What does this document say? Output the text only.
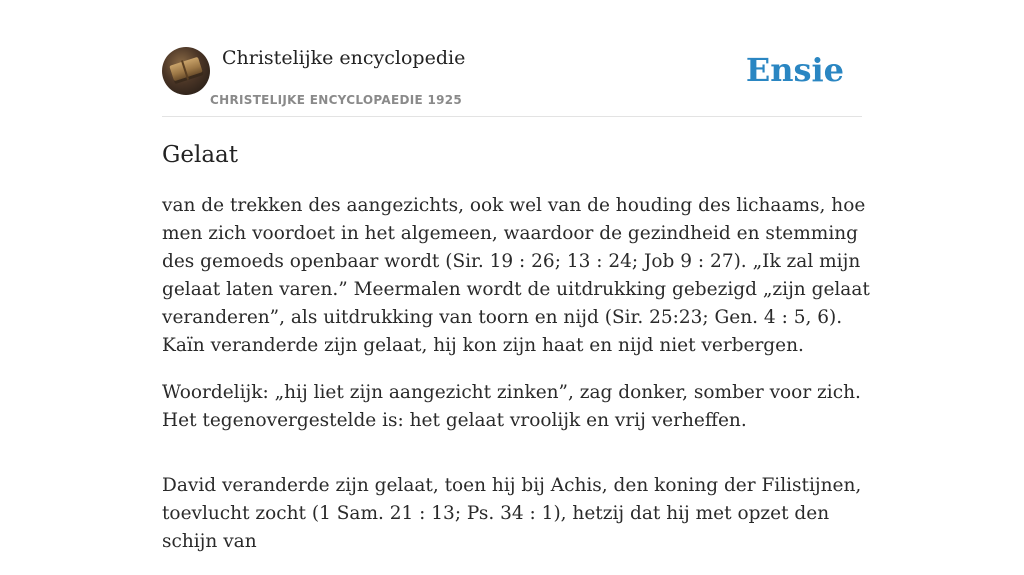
Christelijke encyclopedie
CHRISTELIJKE ENCYCLOPAEDIE 1925
Ensie
Gelaat

van de trekken des aangezichts, ook wel van de houding des lichaams, hoe men zich voordoet in het algemeen, waardoor de gezindheid en stemming des gemoeds openbaar wordt (Sir. 19 : 26; 13 : 24; Job 9 : 27). „Ik zal mijn gelaat laten varen.” Meermalen wordt de uitdrukking gebezigd „zijn gelaat veranderen”, als uitdrukking van toorn en nijd (Sir. 25:23; Gen. 4 : 5, 6). Kaïn veranderde zijn gelaat, hij kon zijn haat en nijd niet verbergen.

Woordelijk: „hij liet zijn aangezicht zinken”, zag donker, somber voor zich. Het tegenovergestelde is: het gelaat vroolijk en vrij verheffen.

David veranderde zijn gelaat, toen hij bij Achis, den koning der Filistijnen, toevlucht zocht (1 Sam. 21 : 13; Ps. 34 : 1), hetzij dat hij met opzet den schijn van
